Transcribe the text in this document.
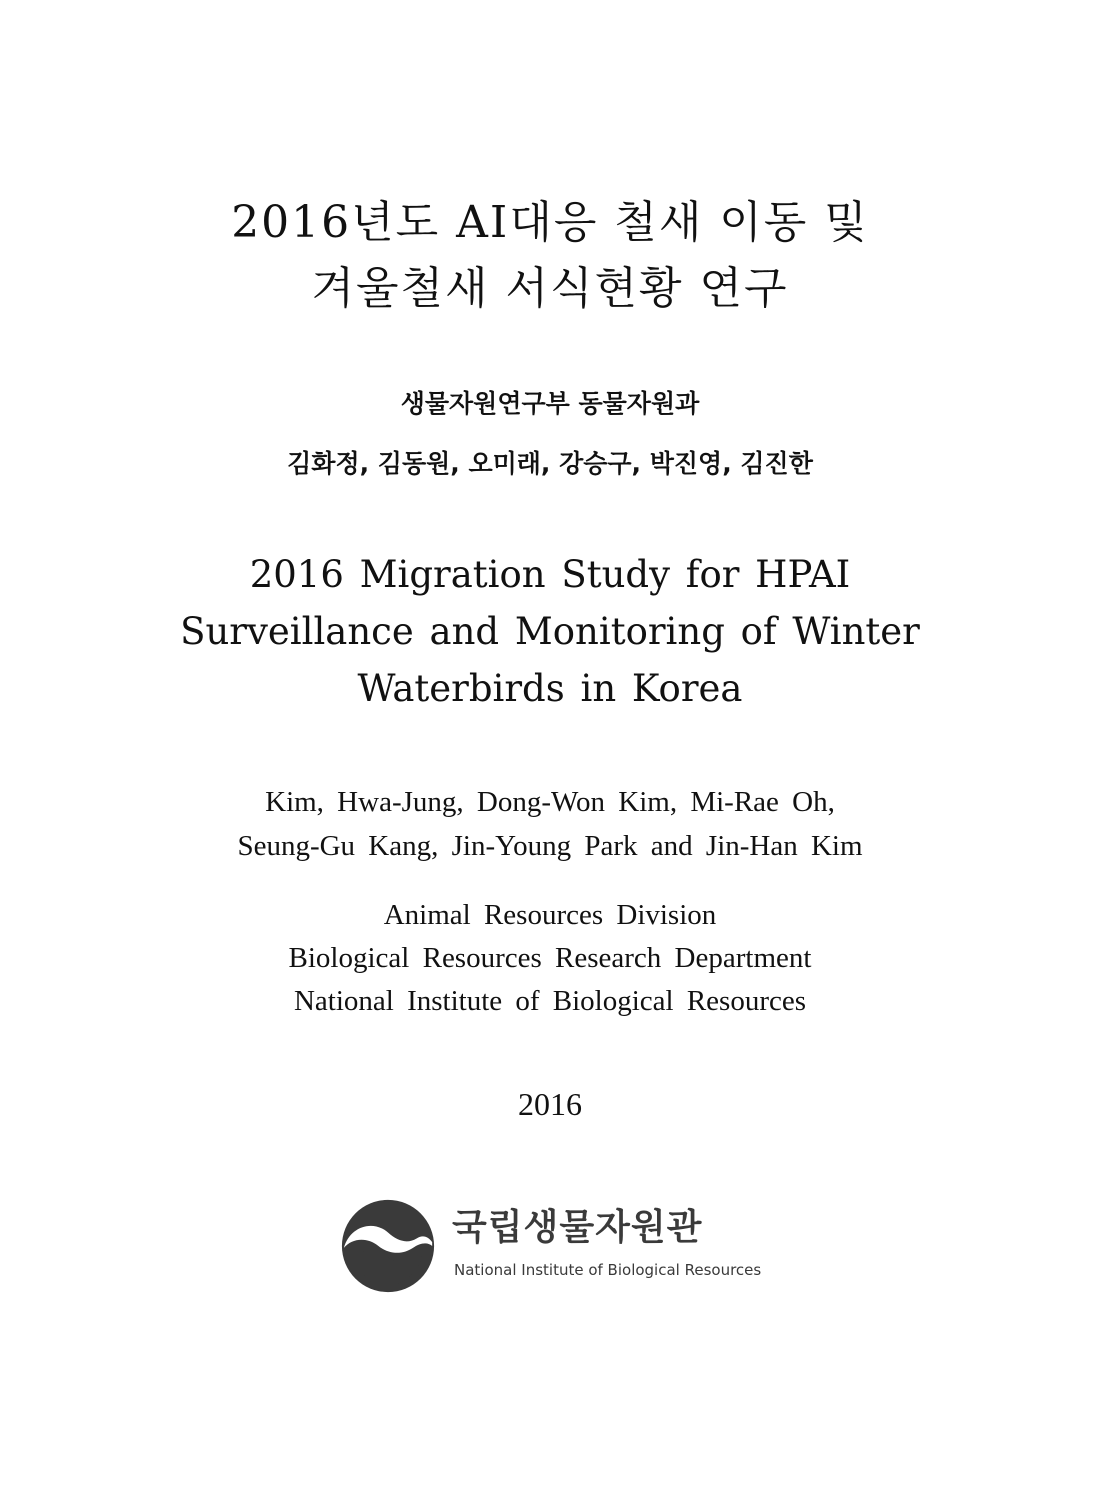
2016년도 AI대응 철새 이동 및
겨울철새 서식현황 연구
생물자원연구부 동물자원과
김화정, 김동원, 오미래, 강승구, 박진영, 김진한
2016 Migration Study for HPAI
Surveillance and Monitoring of Winter
Waterbirds in Korea
Kim, Hwa-Jung, Dong-Won Kim, Mi-Rae Oh,
Seung-Gu Kang, Jin-Young Park and Jin-Han Kim
Animal Resources Division
Biological Resources Research Department
National Institute of Biological Resources
2016
국립생물자원관
National Institute of Biological Resources
